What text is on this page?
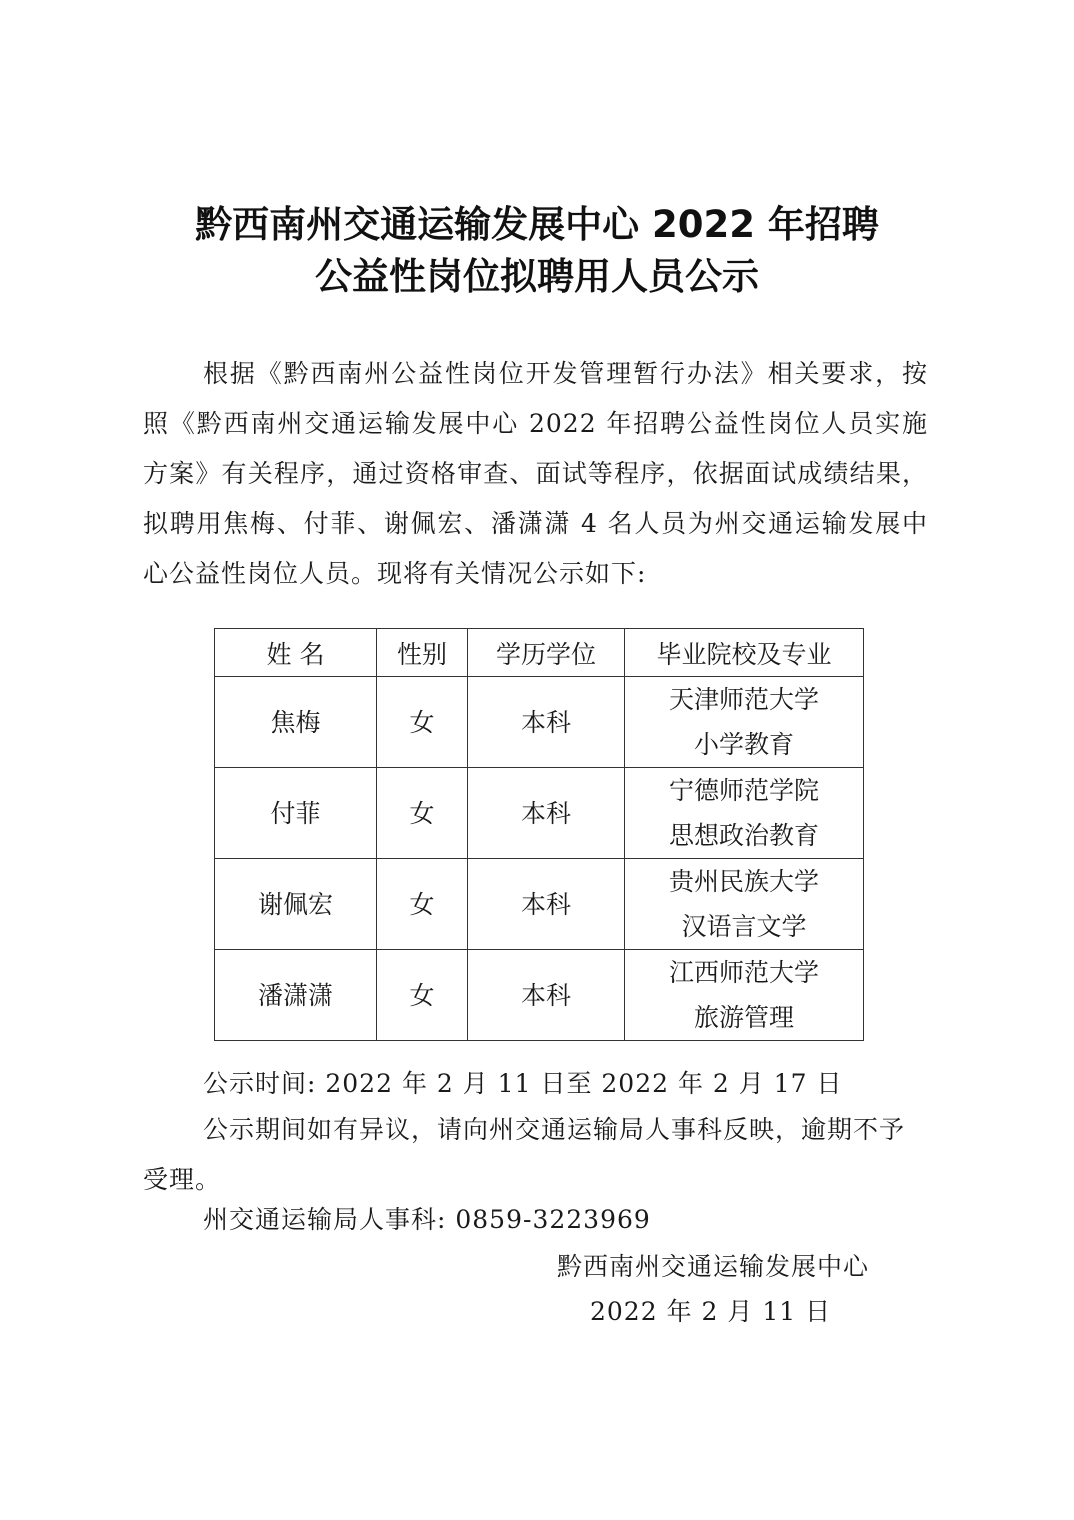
黔西南州交通运输发展中心 2022 年招聘
公益性岗位拟聘用人员公示

根据《黔西南州公益性岗位开发管理暂行办法》相关要求，按照《黔西南州交通运输发展中心 2022 年招聘公益性岗位人员实施方案》有关程序，通过资格审查、面试等程序，依据面试成绩结果，拟聘用焦梅、付菲、谢佩宏、潘潇潇 4 名人员为州交通运输发展中心公益性岗位人员。现将有关情况公示如下:

姓 名	性别	学历学位	毕业院校及专业
焦梅	女	本科	天津师范大学
小学教育

付菲	女	本科	宁德师范学院
思想政治教育

谢佩宏	女	本科	贵州民族大学
汉语言文学

潘潇潇	女	本科	江西师范大学
旅游管理
公示时间: 2022 年 2 月 11 日至 2022 年 2 月 17 日

公示期间如有异议，请向州交通运输局人事科反映，逾期不予受理。

州交通运输局人事科: 0859-3223969
黔西南州交通运输发展中心
2022 年 2 月 11 日
